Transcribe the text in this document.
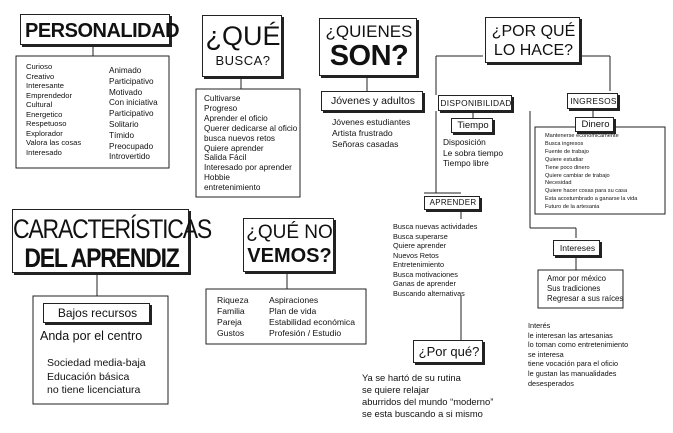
PERSONALIDAD
Curioso
Creativo
Interesante
Emprendedor
Cultural
Energetico
Respetuoso
Explorador
Valora las cosas
Interesado
Animado
Participativo
Motivado
Con iniciativa
Participativo
Solitario
Tímido
Preocupado
Introvertido
¿QUÉ
BUSCA?
Cultivarse
Progreso
Aprender el oficio
Querer dedicarse al oficio
busca nuevos retos
Quiere aprender
Salida Fácil
Interesado por aprender
Hobbie
entretenimiento
¿QUIENES
SON?
Jóvenes y adultos
Jóvenes estudiantes
Artista frustrado
Señoras casadas
¿POR QUÉ
LO HACE?
DISPONIBILIDAD
Tiempo
Disposición
Le sobra tiempo
Tiempo libre
INGRESOS
Dinero
Mantenerse economicamente
Busca ingresos
Fuente de trabajo
Quiere estudiar
Tiene poco dinero
Quiere cambiar de trabajo
Necesidad
Quiere hacer cosas para su casa
Esta acostumbrado a ganarse la vida
Futuro de la artesania
APRENDER
Busca nuevas actividades
Busca superarse
Quiere aprender
Nuevos Retos
Entretenimiento
Busca motivaciones
Ganas de aprender
Buscando alternativas
Intereses
Amor por méxico
Sus tradiciones
Regresar a sus raíces
Interés
le interesan las artesanias
lo toman como entretenimiento
se interesa
tiene vocación para el oficio
le gustan las manualidades
desesperados
CARACTERÍSTICAS
DEL APRENDIZ
Bajos recursos
Anda por el centro
Sociedad media-baja
Educación básica
no tiene licenciatura
¿QUÉ NO
VEMOS?
Riqueza
Familia
Pareja
Gustos
Aspiraciones
Plan de vida
Estabilidad económica
Profesión / Estudio
¿Por qué?
Ya se hartó de su rutina
se quiere relajar
aburridos del mundo “moderno”
se esta buscando a si mismo
